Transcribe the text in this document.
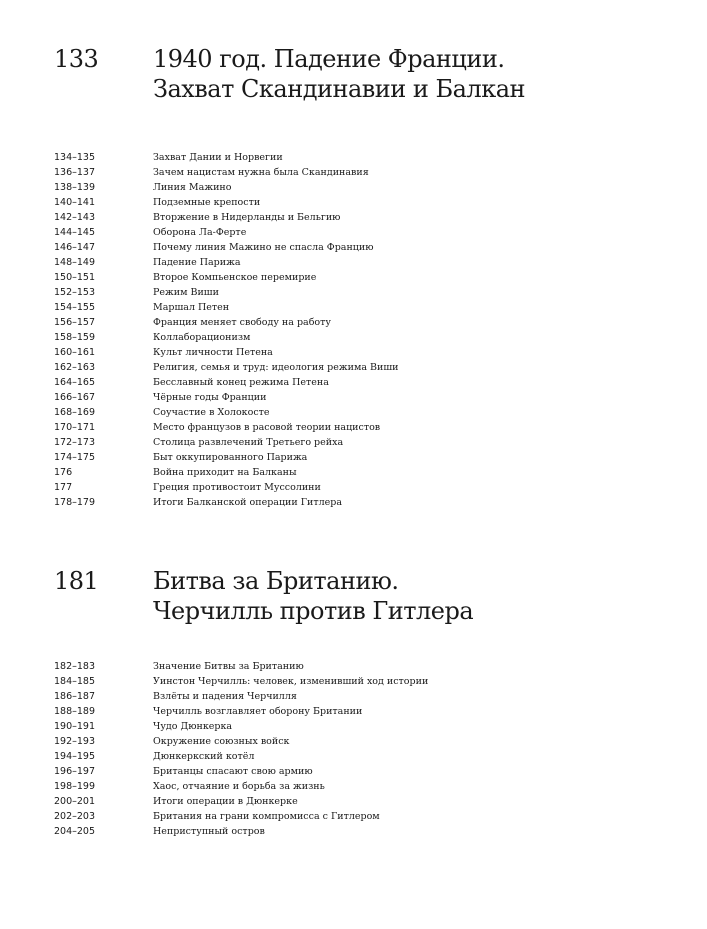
133 1940 год. Падение Франции.
Захват Скандинавии и Балкан
134–135	Захват Дании и Норвегии
136–137	Зачем нацистам нужна была Скандинавия
138–139	Линия Мажино
140–141	Подземные крепости
142–143	Вторжение в Нидерланды и Бельгию
144–145	Оборона Ла-Ферте
146–147	Почему линия Мажино не спасла Францию
148–149	Падение Парижа
150–151	Второе Компьенское перемирие
152–153	Режим Виши
154–155	Маршал Петен
156–157	Франция меняет свободу на работу
158–159	Коллаборационизм
160–161	Культ личности Петена
162–163	Религия, семья и труд: идеология режима Виши
164–165	Бесславный конец режима Петена
166–167	Чёрные годы Франции
168–169	Соучастие в Холокосте
170–171	Место французов в расовой теории нацистов
172–173	Столица развлечений Третьего рейха
174–175	Быт оккупированного Парижа
176	Война приходит на Балканы
177	Греция противостоит Муссолини
178–179	Итоги Балканской операции Гитлера
181 Битва за Британию.
Черчилль против Гитлера
182–183	Значение Битвы за Британию
184–185	Уинстон Черчилль: человек, изменивший ход истории
186–187	Взлёты и падения Черчилля
188–189	Черчилль возглавляет оборону Британии
190–191	Чудо Дюнкерка
192–193	Окружение союзных войск
194–195	Дюнкеркский котёл
196–197	Британцы спасают свою армию
198–199	Хаос, отчаяние и борьба за жизнь
200–201	Итоги операции в Дюнкерке
202–203	Британия на грани компромисса с Гитлером
204–205	Неприступный остров
